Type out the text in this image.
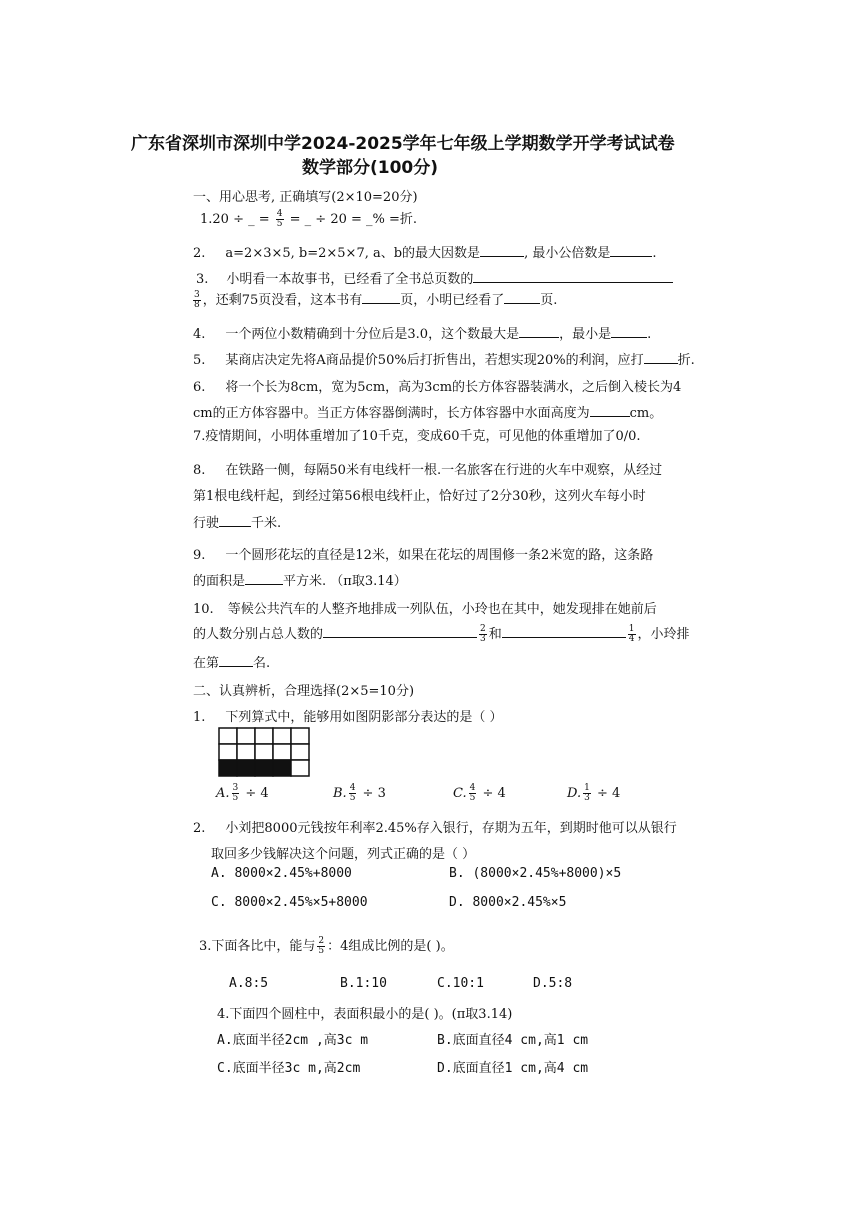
广东省深圳市深圳中学2024-2025学年七年级上学期数学开学考试试卷
数学部分(100分)
一、用心思考, 正确填写(2×10=20分)
1.20 ÷ _ = $\frac{4}{5}$ = _ ÷ 20 = _% =折.
2. a=2×3×5, b=2×5×7, a、b的最大因数是	, 最小公倍数是	.
3. 小明看一本故事书，已经看了全书总页数的
$\frac{3}{8}$ ，还剩75页没看，这本书有	页，小明已经看了	页.
4. 一个两位小数精确到十分位后是3.0，这个数最大是	，最小是	.
5. 某商店决定先将A商品提价50%后打折售出，若想实现20%的利润，应打	折.
6. 将一个长为8cm，宽为5cm，高为3cm的长方体容器装满水，之后倒入棱长为4
cm的正方体容器中。当正方体容器倒满时，长方体容器中水面高度为	cm。
7.疫情期间，小明体重增加了10千克，变成60千克，可见他的体重增加了0/0.
8. 在铁路一侧，每隔50米有电线杆一根.一名旅客在行进的火车中观察，从经过
第1根电线杆起，到经过第56根电线杆止，恰好过了2分30秒，这列火车每小时
行驶 千米.
9. 一个圆形花坛的直径是12米，如果在花坛的周围修一条2米宽的路，这条路
的面积是	平方米. （π取3.14）
10. 等候公共汽车的人整齐地排成一列队伍，小玲也在其中，她发现排在她前后
的人数分别占总人数的	$\frac{2}{3}$ 和	$\frac{1}{4}$ ，小玲排
在第	名.
二、认真辨析，合理选择(2×5=10分)
1. 下列算式中，能够用如图阴影部分表达的是（ ）
A. $\frac{3}{5} \div 4$	B. $\frac{4}{5} \div 3$	C. $\frac{4}{5} \div 4$	D. $\frac{1}{3} \div 4$
2. 小刘把8000元钱按年利率2.45%存入银行，存期为五年，到期时他可以从银行
取回多少钱解决这个问题，列式正确的是（ ）
A. 8000×2.45%+8000	B. (8000×2.45%+8000)×5
C. 8000×2.45%×5+8000	D. 8000×2.45%×5
3.下面各比中，能与 $\frac{2}{5}$ ：4组成比例的是( )。
A.8:5	B.1:10	C.10:1	D.5:8
4.下面四个圆柱中，表面积最小的是( )。(π取3.14)
A.底面半径2cm ,高3c m	B.底面直径4 cm,高1 cm
C.底面半径3c m,高2cm	D.底面直径1 cm,高4 cm
